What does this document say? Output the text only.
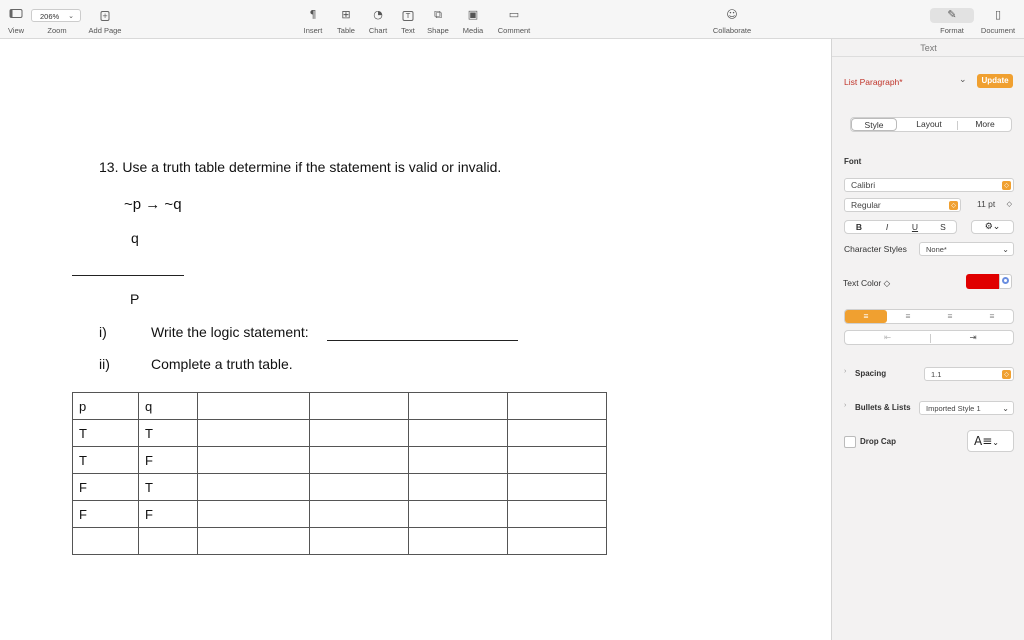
View
206% ⌄
Zoom
+
Add Page
¶
Insert
⊞
Table
◔
Chart
T
Text
⧉
Shape
▣
Media
▭
Comment
☺
Collaborate
✎
Format
▯
Document
13. Use a truth table determine if the statement is valid or invalid.
~p → ~q
q
P
i)	Write the logic statement:
ii)	Complete a truth table.
p	q				
T	T				
T	F				
F	T				
F	F				

Text
List Paragraph*	⌄	Update
Style	Layout	More
Font
Calibri	◇
Regular	◇	11 pt ◇
B	I	U	S	⚙⌄
Character Styles	None*	⌄
Text Color ◇
≡	≡	≡	≡
⇤	⇥
› Spacing	1.1	◇
› Bullets & Lists	Imported Style 1	⌄
Drop Cap	A≡⌄
